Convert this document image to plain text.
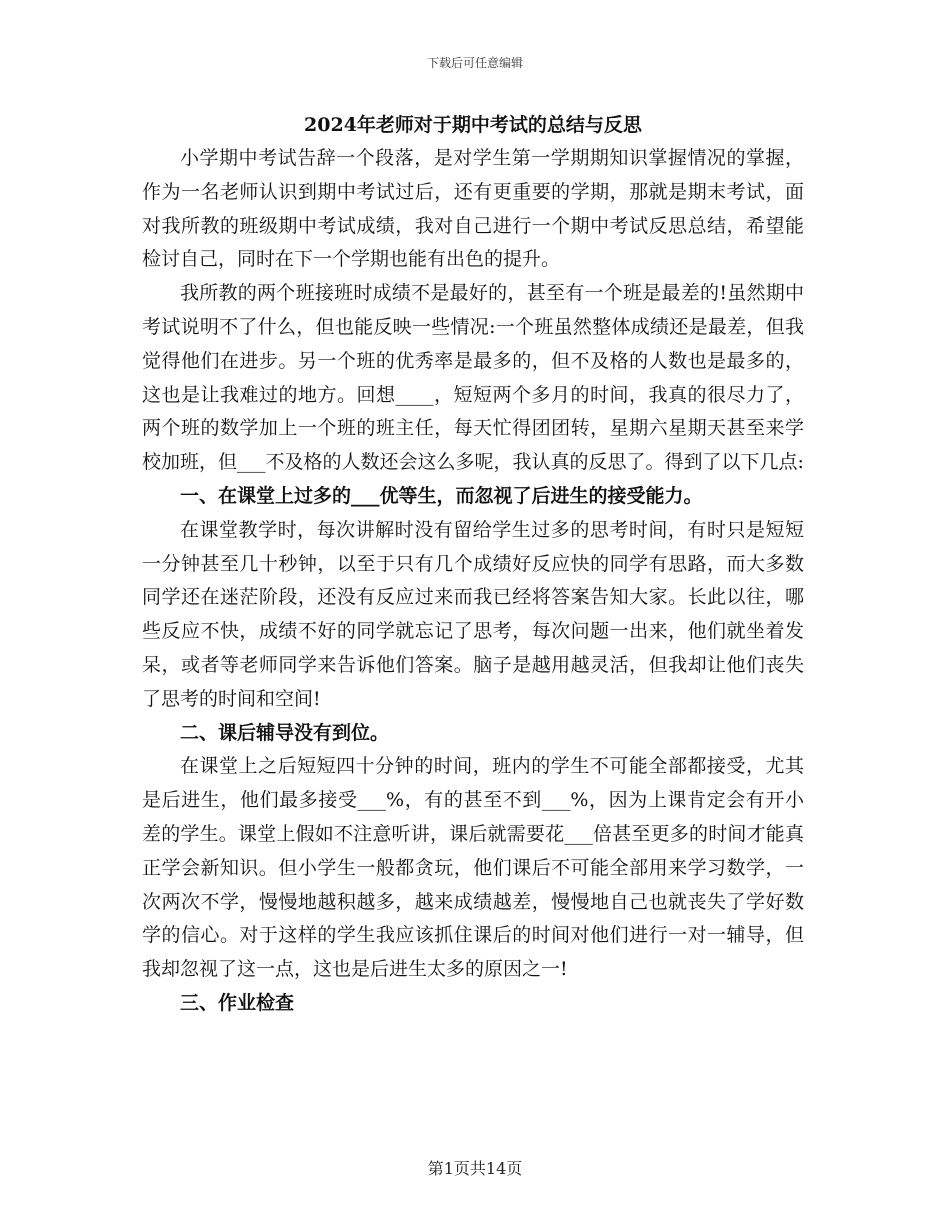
下载后可任意编辑
2024年老师对于期中考试的总结与反思

小学期中考试告辞一个段落，是对学生第一学期期知识掌握情况的掌握，作为一名老师认识到期中考试过后，还有更重要的学期，那就是期末考试，面对我所教的班级期中考试成绩，我对自己进行一个期中考试反思总结，希望能检讨自己，同时在下一个学期也能有出色的提升。

我所教的两个班接班时成绩不是最好的，甚至有一个班是最差的!虽然期中考试说明不了什么，但也能反映一些情况:一个班虽然整体成绩还是最差，但我觉得他们在进步。另一个班的优秀率是最多的，但不及格的人数也是最多的，这也是让我难过的地方。回想____，短短两个多月的时间，我真的很尽力了，两个班的数学加上一个班的班主任，每天忙得团团转，星期六星期天甚至来学校加班，但___不及格的人数还会这么多呢，我认真的反思了。得到了以下几点:

一、在课堂上过多的___优等生，而忽视了后进生的接受能力。

在课堂教学时，每次讲解时没有留给学生过多的思考时间，有时只是短短一分钟甚至几十秒钟，以至于只有几个成绩好反应快的同学有思路，而大多数同学还在迷茫阶段，还没有反应过来而我已经将答案告知大家。长此以往，哪些反应不快，成绩不好的同学就忘记了思考，每次问题一出来，他们就坐着发呆，或者等老师同学来告诉他们答案。脑子是越用越灵活，但我却让他们丧失了思考的时间和空间!

二、课后辅导没有到位。

在课堂上之后短短四十分钟的时间，班内的学生不可能全部都接受，尤其是后进生，他们最多接受___%，有的甚至不到___%，因为上课肯定会有开小差的学生。课堂上假如不注意听讲，课后就需要花___倍甚至更多的时间才能真正学会新知识。但小学生一般都贪玩，他们课后不可能全部用来学习数学，一次两次不学，慢慢地越积越多，越来成绩越差，慢慢地自己也就丧失了学好数学的信心。对于这样的学生我应该抓住课后的时间对他们进行一对一辅导，但我却忽视了这一点，这也是后进生太多的原因之一!

三、作业检查

第1页共14页
